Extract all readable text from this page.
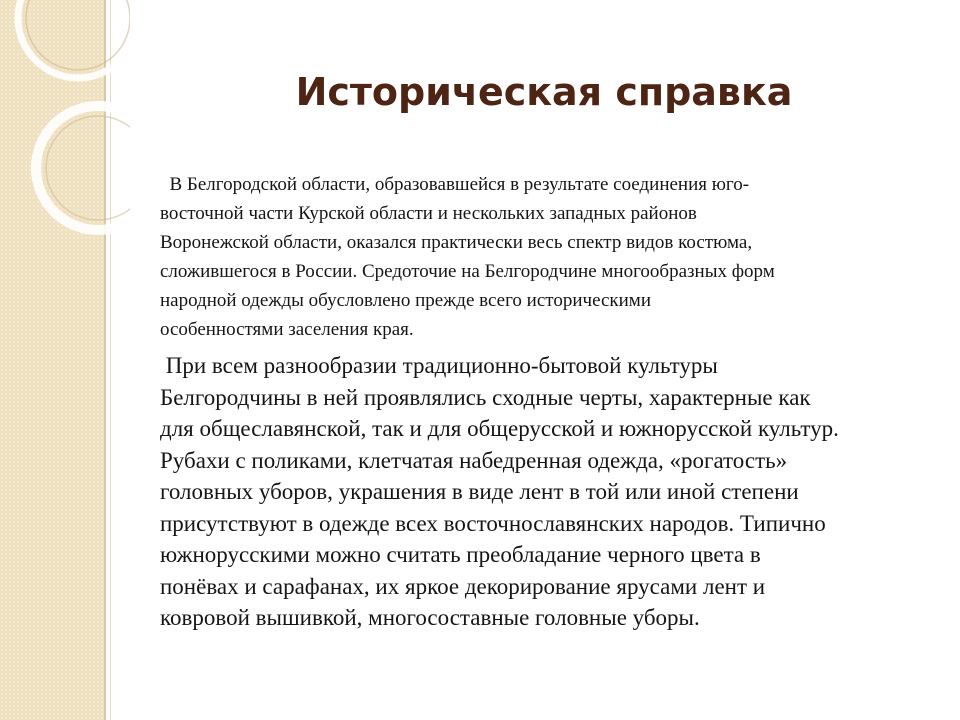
Историческая справка

В Белгородской области, образовавшейся в результате соединения юго-
восточной части Курской области и нескольких западных районов
Воронежской области, оказался практически весь спектр видов костюма,
сложившегося в России. Средоточие на Белгородчине многообразных форм
народной одежды обусловлено прежде всего историческими
особенностями заселения края.

При всем разнообразии традиционно-бытовой культуры
Белгородчины в ней проявлялись сходные черты, характерные как
для общеславянской, так и для общерусской и южнорусской культур.
Рубахи с поликами, клетчатая набедренная одежда, «рогатость»
головных уборов, украшения в виде лент в той или иной степени
присутствуют в одежде всех восточнославянских народов. Типично
южнорусскими можно считать преобладание черного цвета в
понёвах и сарафанах, их яркое декорирование ярусами лент и
ковровой вышивкой, многосоставные головные уборы.
